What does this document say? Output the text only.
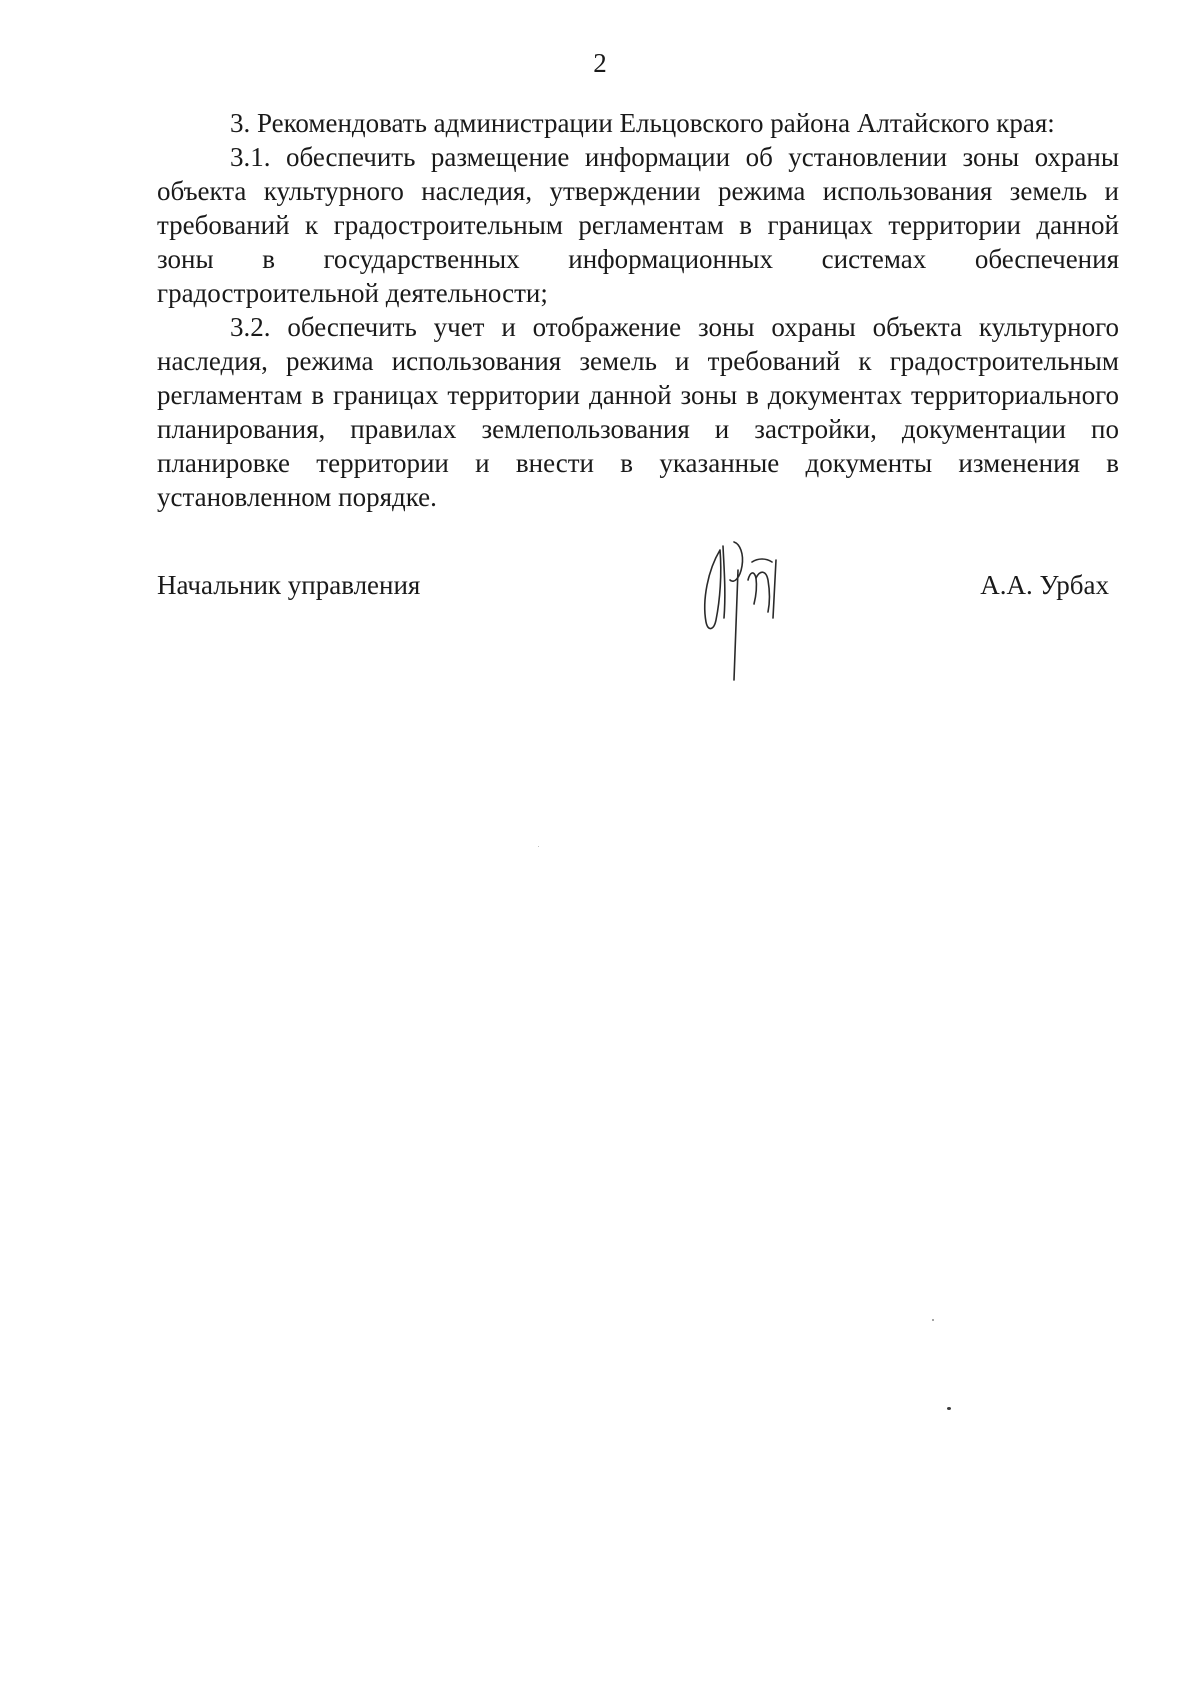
2

3. Рекомендовать администрации Ельцовского района Алтайского края:

3.1. обеспечить размещение информации об установлении зоны охраны объекта культурного наследия, утверждении режима использования земель и требований к градостроительным регламентам в границах территории данной зоны в государственных информационных системах обеспечения градостроительной деятельности;

3.2. обеспечить учет и отображение зоны охраны объекта культурного наследия, режима использования земель и требований к градостроительным регламентам в границах территории данной зоны в документах территориального планирования, правилах землепользования и застройки, документации по планировке территории и внести в указанные документы изменения в установленном порядке.

Начальник управления	А.А. Урбах
